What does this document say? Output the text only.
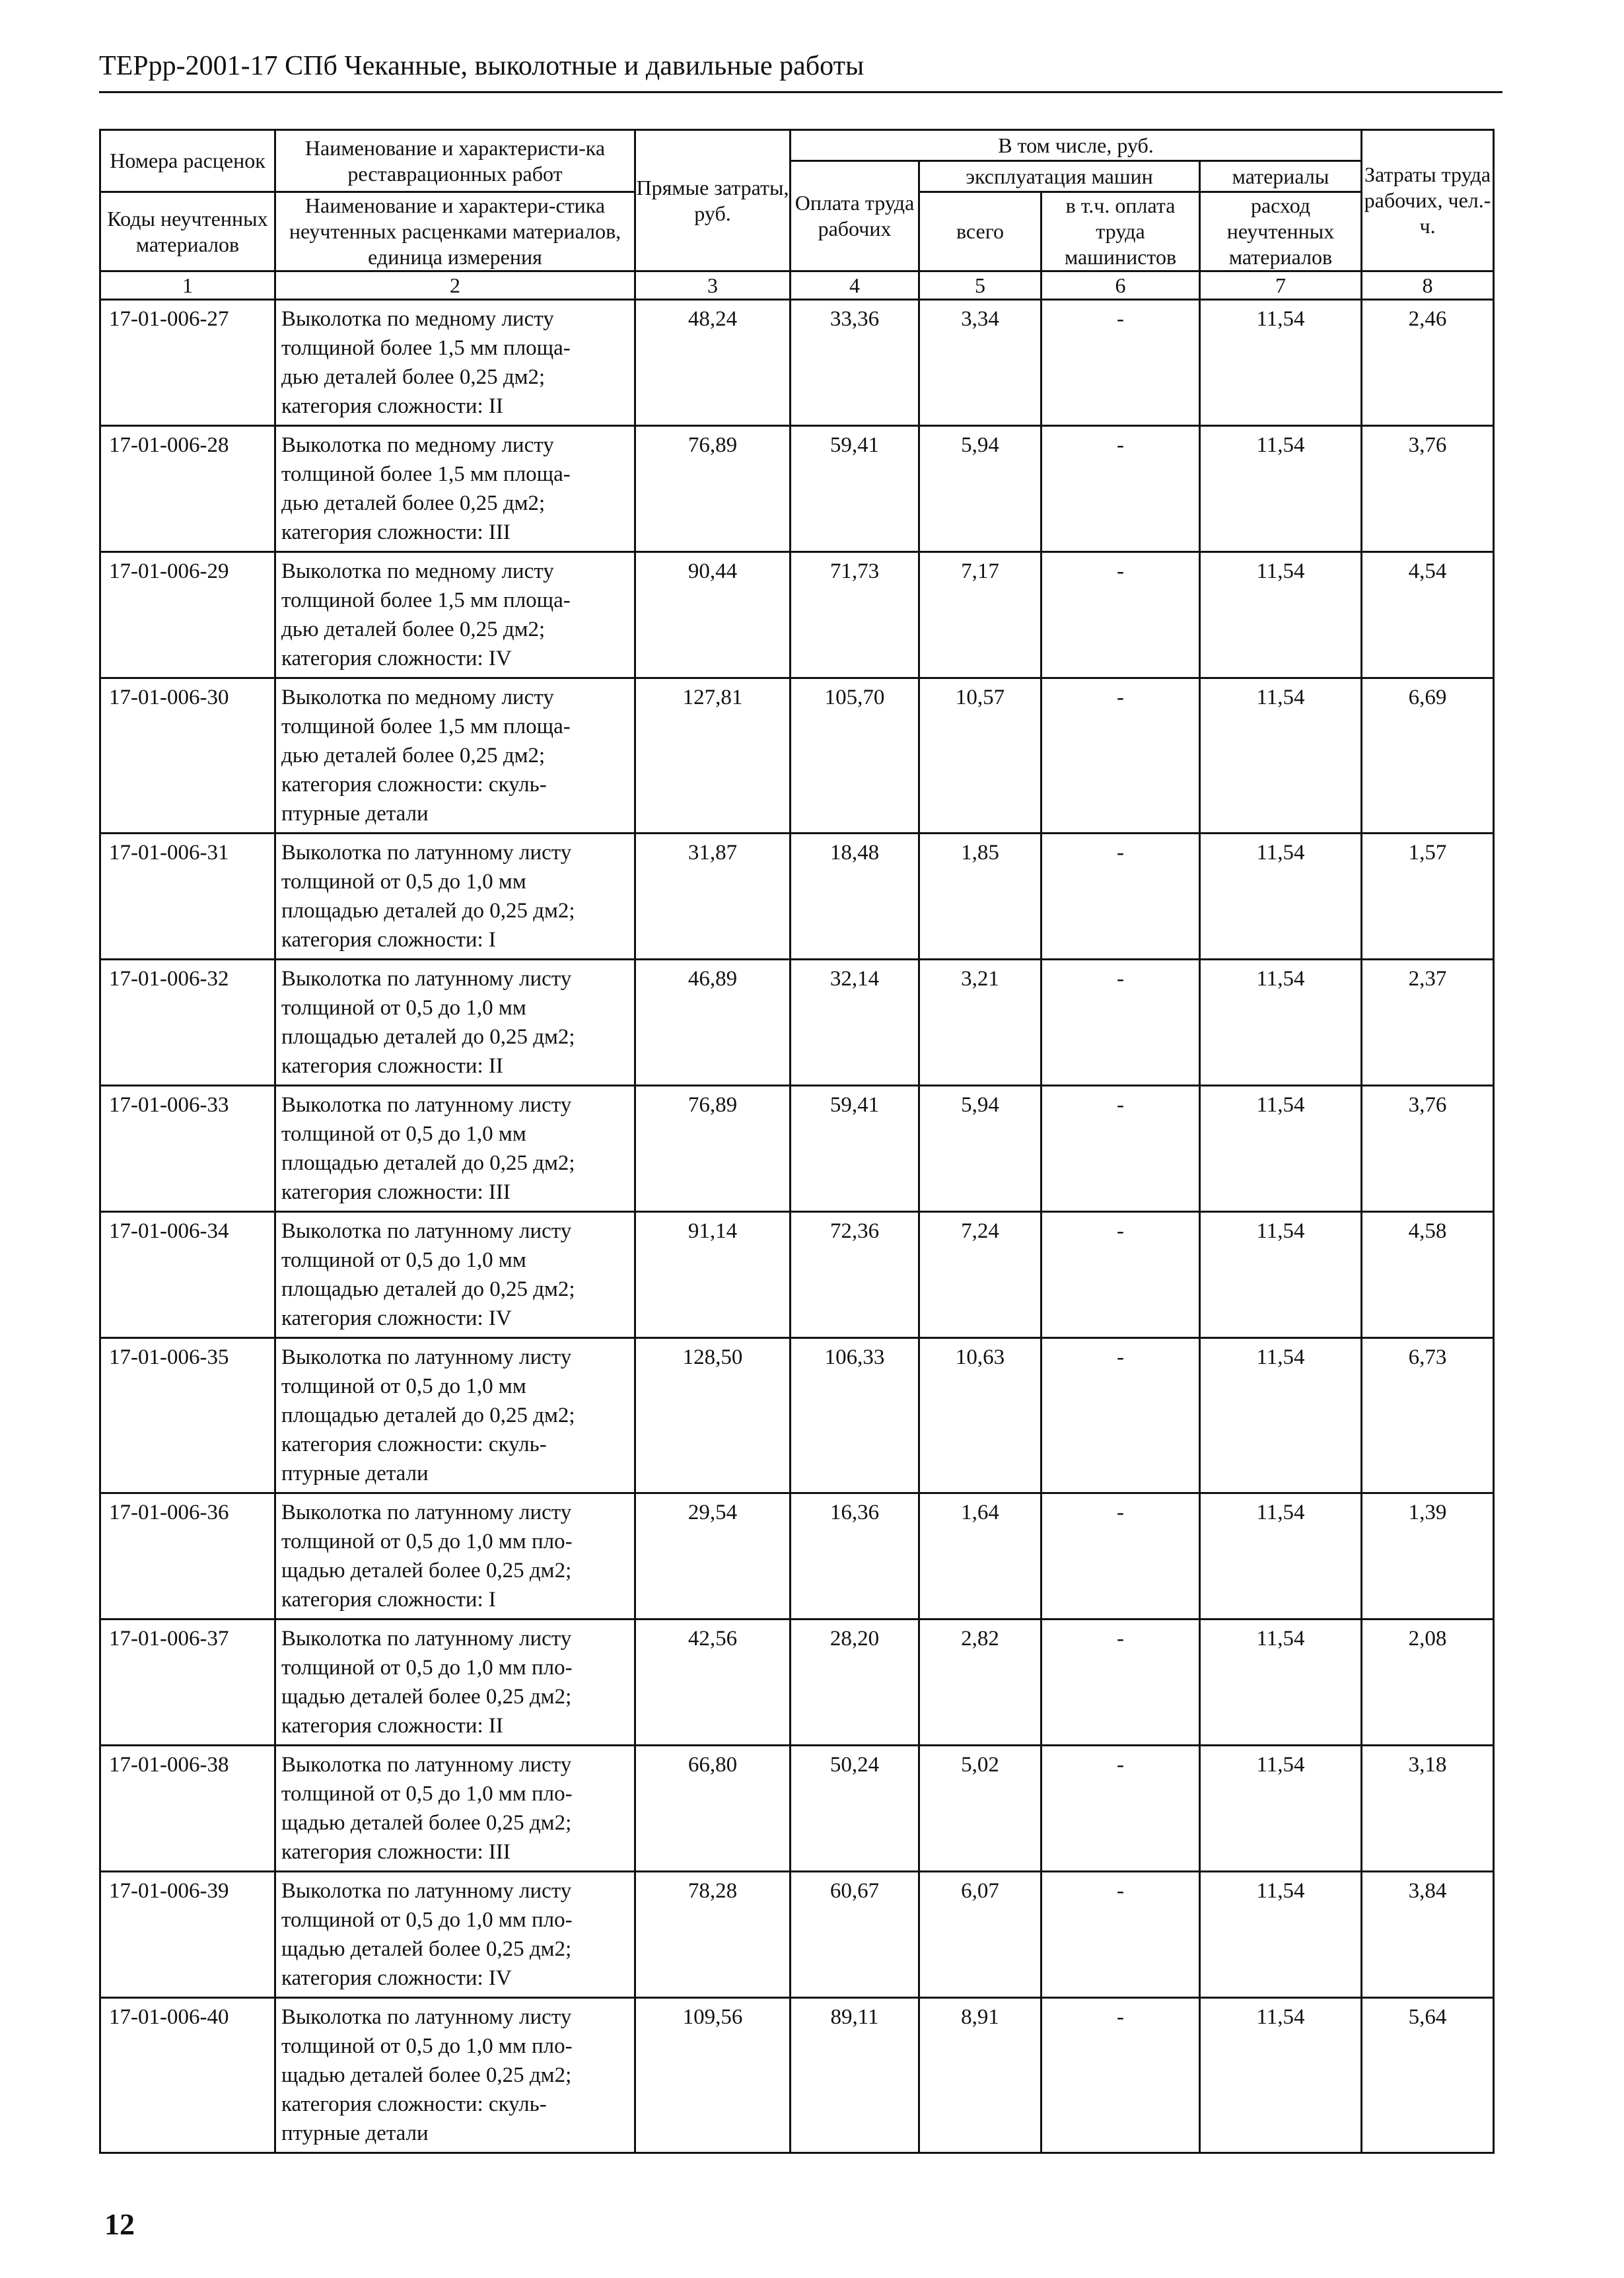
ТЕРрр-2001-17 СПб Чеканные, выколотные и давильные работы
Номера расценок	Наименование и характеристи-ка реставрационных работ	Прямые затраты, руб.	В том числе, руб.				Затраты труда рабочих, чел.-ч.
			Оплата труда рабочих	эксплуатация машин		материалы	
Коды неучтенных материалов	Наименование и характери-стика неучтенных расценками материалов, единица измерения			всего	в т.ч. оплата труда машинистов	расход неучтенных материалов	
1	2	3	4	5	6	7	8
17-01-006-27	Выколотка по медному листу
толщиной более 1,5 мм площа-
дью деталей более 0,25 дм2;
категория сложности: II	48,24	33,36	3,34	-	11,54	2,46
17-01-006-28	Выколотка по медному листу
толщиной более 1,5 мм площа-
дью деталей более 0,25 дм2;
категория сложности: III	76,89	59,41	5,94	-	11,54	3,76
17-01-006-29	Выколотка по медному листу
толщиной более 1,5 мм площа-
дью деталей более 0,25 дм2;
категория сложности: IV	90,44	71,73	7,17	-	11,54	4,54
17-01-006-30	Выколотка по медному листу
толщиной более 1,5 мм площа-
дью деталей более 0,25 дм2;
категория сложности: скуль-
птурные детали	127,81	105,70	10,57	-	11,54	6,69
17-01-006-31	Выколотка по латунному листу
толщиной от 0,5 до 1,0 мм
площадью деталей до 0,25 дм2;
категория сложности: I	31,87	18,48	1,85	-	11,54	1,57
17-01-006-32	Выколотка по латунному листу
толщиной от 0,5 до 1,0 мм
площадью деталей до 0,25 дм2;
категория сложности: II	46,89	32,14	3,21	-	11,54	2,37
17-01-006-33	Выколотка по латунному листу
толщиной от 0,5 до 1,0 мм
площадью деталей до 0,25 дм2;
категория сложности: III	76,89	59,41	5,94	-	11,54	3,76
17-01-006-34	Выколотка по латунному листу
толщиной от 0,5 до 1,0 мм
площадью деталей до 0,25 дм2;
категория сложности: IV	91,14	72,36	7,24	-	11,54	4,58
17-01-006-35	Выколотка по латунному листу
толщиной от 0,5 до 1,0 мм
площадью деталей до 0,25 дм2;
категория сложности: скуль-
птурные детали	128,50	106,33	10,63	-	11,54	6,73
17-01-006-36	Выколотка по латунному листу
толщиной от 0,5 до 1,0 мм пло-
щадью деталей более 0,25 дм2;
категория сложности: I	29,54	16,36	1,64	-	11,54	1,39
17-01-006-37	Выколотка по латунному листу
толщиной от 0,5 до 1,0 мм пло-
щадью деталей более 0,25 дм2;
категория сложности: II	42,56	28,20	2,82	-	11,54	2,08
17-01-006-38	Выколотка по латунному листу
толщиной от 0,5 до 1,0 мм пло-
щадью деталей более 0,25 дм2;
категория сложности: III	66,80	50,24	5,02	-	11,54	3,18
17-01-006-39	Выколотка по латунному листу
толщиной от 0,5 до 1,0 мм пло-
щадью деталей более 0,25 дм2;
категория сложности: IV	78,28	60,67	6,07	-	11,54	3,84
17-01-006-40	Выколотка по латунному листу
толщиной от 0,5 до 1,0 мм пло-
щадью деталей более 0,25 дм2;
категория сложности: скуль-
птурные детали	109,56	89,11	8,91	-	11,54	5,64
12
